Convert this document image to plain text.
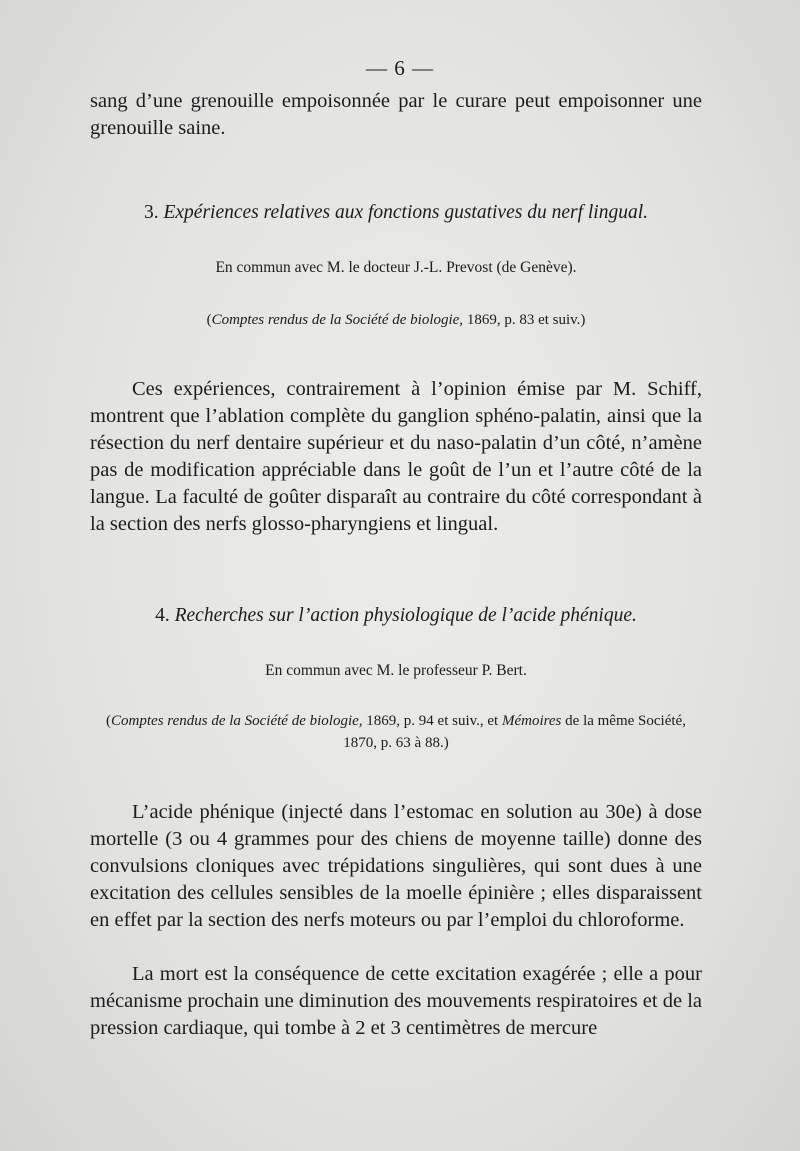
— 6 —

sang d’une grenouille empoisonnée par le curare peut empoisonner une grenouille saine.

3. Expériences relatives aux fonctions gustatives du nerf lingual.

En commun avec M. le docteur J.-L. Prevost (de Genève).

(Comptes rendus de la Société de biologie, 1869, p. 83 et suiv.)

Ces expériences, contrairement à l’opinion émise par M. Schiff, montrent que l’ablation complète du ganglion sphéno-palatin, ainsi que la résection du nerf dentaire supérieur et du naso-palatin d’un côté, n’amène pas de modification appréciable dans le goût de l’un et l’autre côté de la langue. La faculté de goûter disparaît au contraire du côté correspondant à la section des nerfs glosso-pharyngiens et lingual.

4. Recherches sur l’action physiologique de l’acide phénique.

En commun avec M. le professeur P. Bert.

(Comptes rendus de la Société de biologie, 1869, p. 94 et suiv., et Mémoires de la même Société, 1870, p. 63 à 88.)

L’acide phénique (injecté dans l’estomac en solution au 30e) à dose mortelle (3 ou 4 grammes pour des chiens de moyenne taille) donne des convulsions cloniques avec trépidations singulières, qui sont dues à une excitation des cellules sensibles de la moelle épinière ; elles disparaissent en effet par la section des nerfs moteurs ou par l’emploi du chloroforme.

La mort est la conséquence de cette excitation exagérée ; elle a pour mécanisme prochain une diminution des mouvements respiratoires et de la pression cardiaque, qui tombe à 2 et 3 centimètres de mercure
